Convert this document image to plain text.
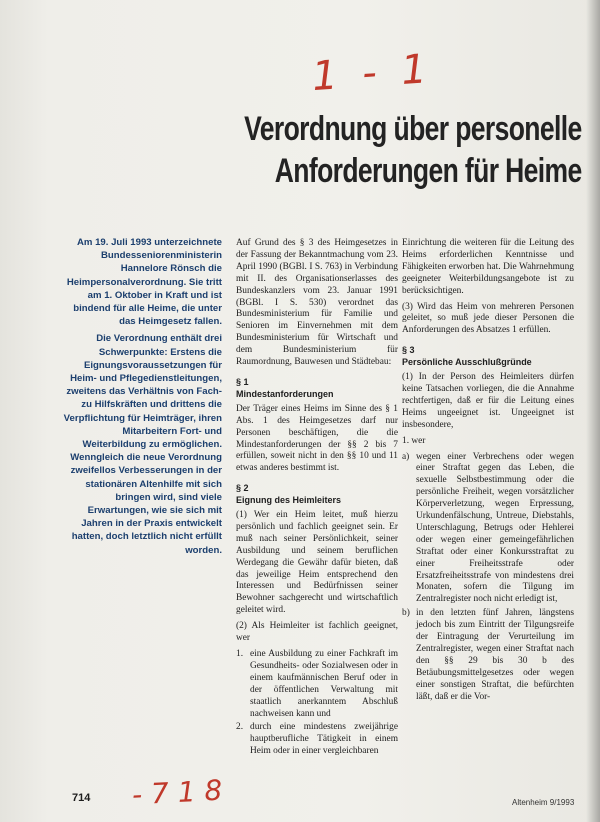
1 - 1
Verordnung über personelle
Anforderungen für Heime

Am 19. Juli 1993 unterzeichnete Bundesseniorenministerin Hannelore Rönsch die Heimpersonalverordnung. Sie tritt am 1. Oktober in Kraft und ist bindend für alle Heime, die unter das Heimgesetz fallen.

Die Verordnung enthält drei Schwerpunkte: Erstens die Eignungsvoraussetzungen für Heim- und Pflegedienstleitungen, zweitens das Verhältnis von Fach- zu Hilfskräften und drittens die Verpflichtung für Heimträger, ihren Mitarbeitern Fort- und Weiterbildung zu ermöglichen. Wenngleich die neue Verordnung zweifellos Verbesserungen in der stationären Altenhilfe mit sich bringen wird, sind viele Erwartungen, wie sie sich mit Jahren in der Praxis entwickelt hatten, doch letztlich nicht erfüllt worden.

Auf Grund des § 3 des Heimgesetzes in der Fassung der Bekanntmachung vom 23. April 1990 (BGBl. I S. 763) in Verbindung mit II. des Organisationserlasses des Bundeskanzlers vom 23. Januar 1991 (BGBl. I S. 530) verordnet das Bundesministerium für Familie und Senioren im Einvernehmen mit dem Bundesministerium für Wirtschaft und dem Bundesministerium für Raumordnung, Bauwesen und Städtebau:

§ 1
Mindestanforderungen

Der Träger eines Heims im Sinne des § 1 Abs. 1 des Heimgesetzes darf nur Personen beschäftigen, die die Mindestanforderungen der §§ 2 bis 7 erfüllen, soweit nicht in den §§ 10 und 11 etwas anderes bestimmt ist.

§ 2
Eignung des Heimleiters

(1) Wer ein Heim leitet, muß hierzu persönlich und fachlich geeignet sein. Er muß nach seiner Persönlichkeit, seiner Ausbildung und seinem beruflichen Werdegang die Gewähr dafür bieten, daß das jeweilige Heim entsprechend den Interessen und Bedürfnissen seiner Bewohner sachgerecht und wirtschaftlich geleitet wird.

(2) Als Heimleiter ist fachlich geeignet, wer

1. eine Ausbildung zu einer Fachkraft im Gesundheits- oder Sozialwesen oder in einem kaufmännischen Beruf oder in der öffentlichen Verwaltung mit staatlich anerkanntem Abschluß nachweisen kann und
2. durch eine mindestens zweijährige hauptberufliche Tätigkeit in einem Heim oder in einer vergleichbaren

Einrichtung die weiteren für die Leitung des Heims erforderlichen Kenntnisse und Fähigkeiten erworben hat. Die Wahrnehmung geeigneter Weiterbildungsangebote ist zu berücksichtigen.

(3) Wird das Heim von mehreren Personen geleitet, so muß jede dieser Personen die Anforderungen des Absatzes 1 erfüllen.

§ 3
Persönliche Ausschlußgründe

(1) In der Person des Heimleiters dürfen keine Tatsachen vorliegen, die die Annahme rechtfertigen, daß er für die Leitung eines Heims ungeeignet ist. Ungeeignet ist insbesondere,

1. wer

a) wegen einer Verbrechens oder wegen einer Straftat gegen das Leben, die sexuelle Selbstbestimmung oder die persönliche Freiheit, wegen vorsätzlicher Körperverletzung, wegen Erpressung, Urkundenfälschung, Untreue, Diebstahls, Unterschlagung, Betrugs oder Hehlerei oder wegen einer gemeingefährlichen Straftat oder einer Konkursstraftat zu einer Freiheitsstrafe oder Ersatzfreiheitsstrafe von mindestens drei Monaten, sofern die Tilgung im Zentralregister noch nicht erledigt ist,
b) in den letzten fünf Jahren, längstens jedoch bis zum Eintritt der Tilgungsreife der Eintragung der Verurteilung im Zentralregister, wegen einer Straftat nach den §§ 29 bis 30 b des Betäubungsmittelgesetzes oder wegen einer sonstigen Straftat, die befürchten läßt, daß er die Vor-
714 - 7 1 8	Altenheim 9/1993
